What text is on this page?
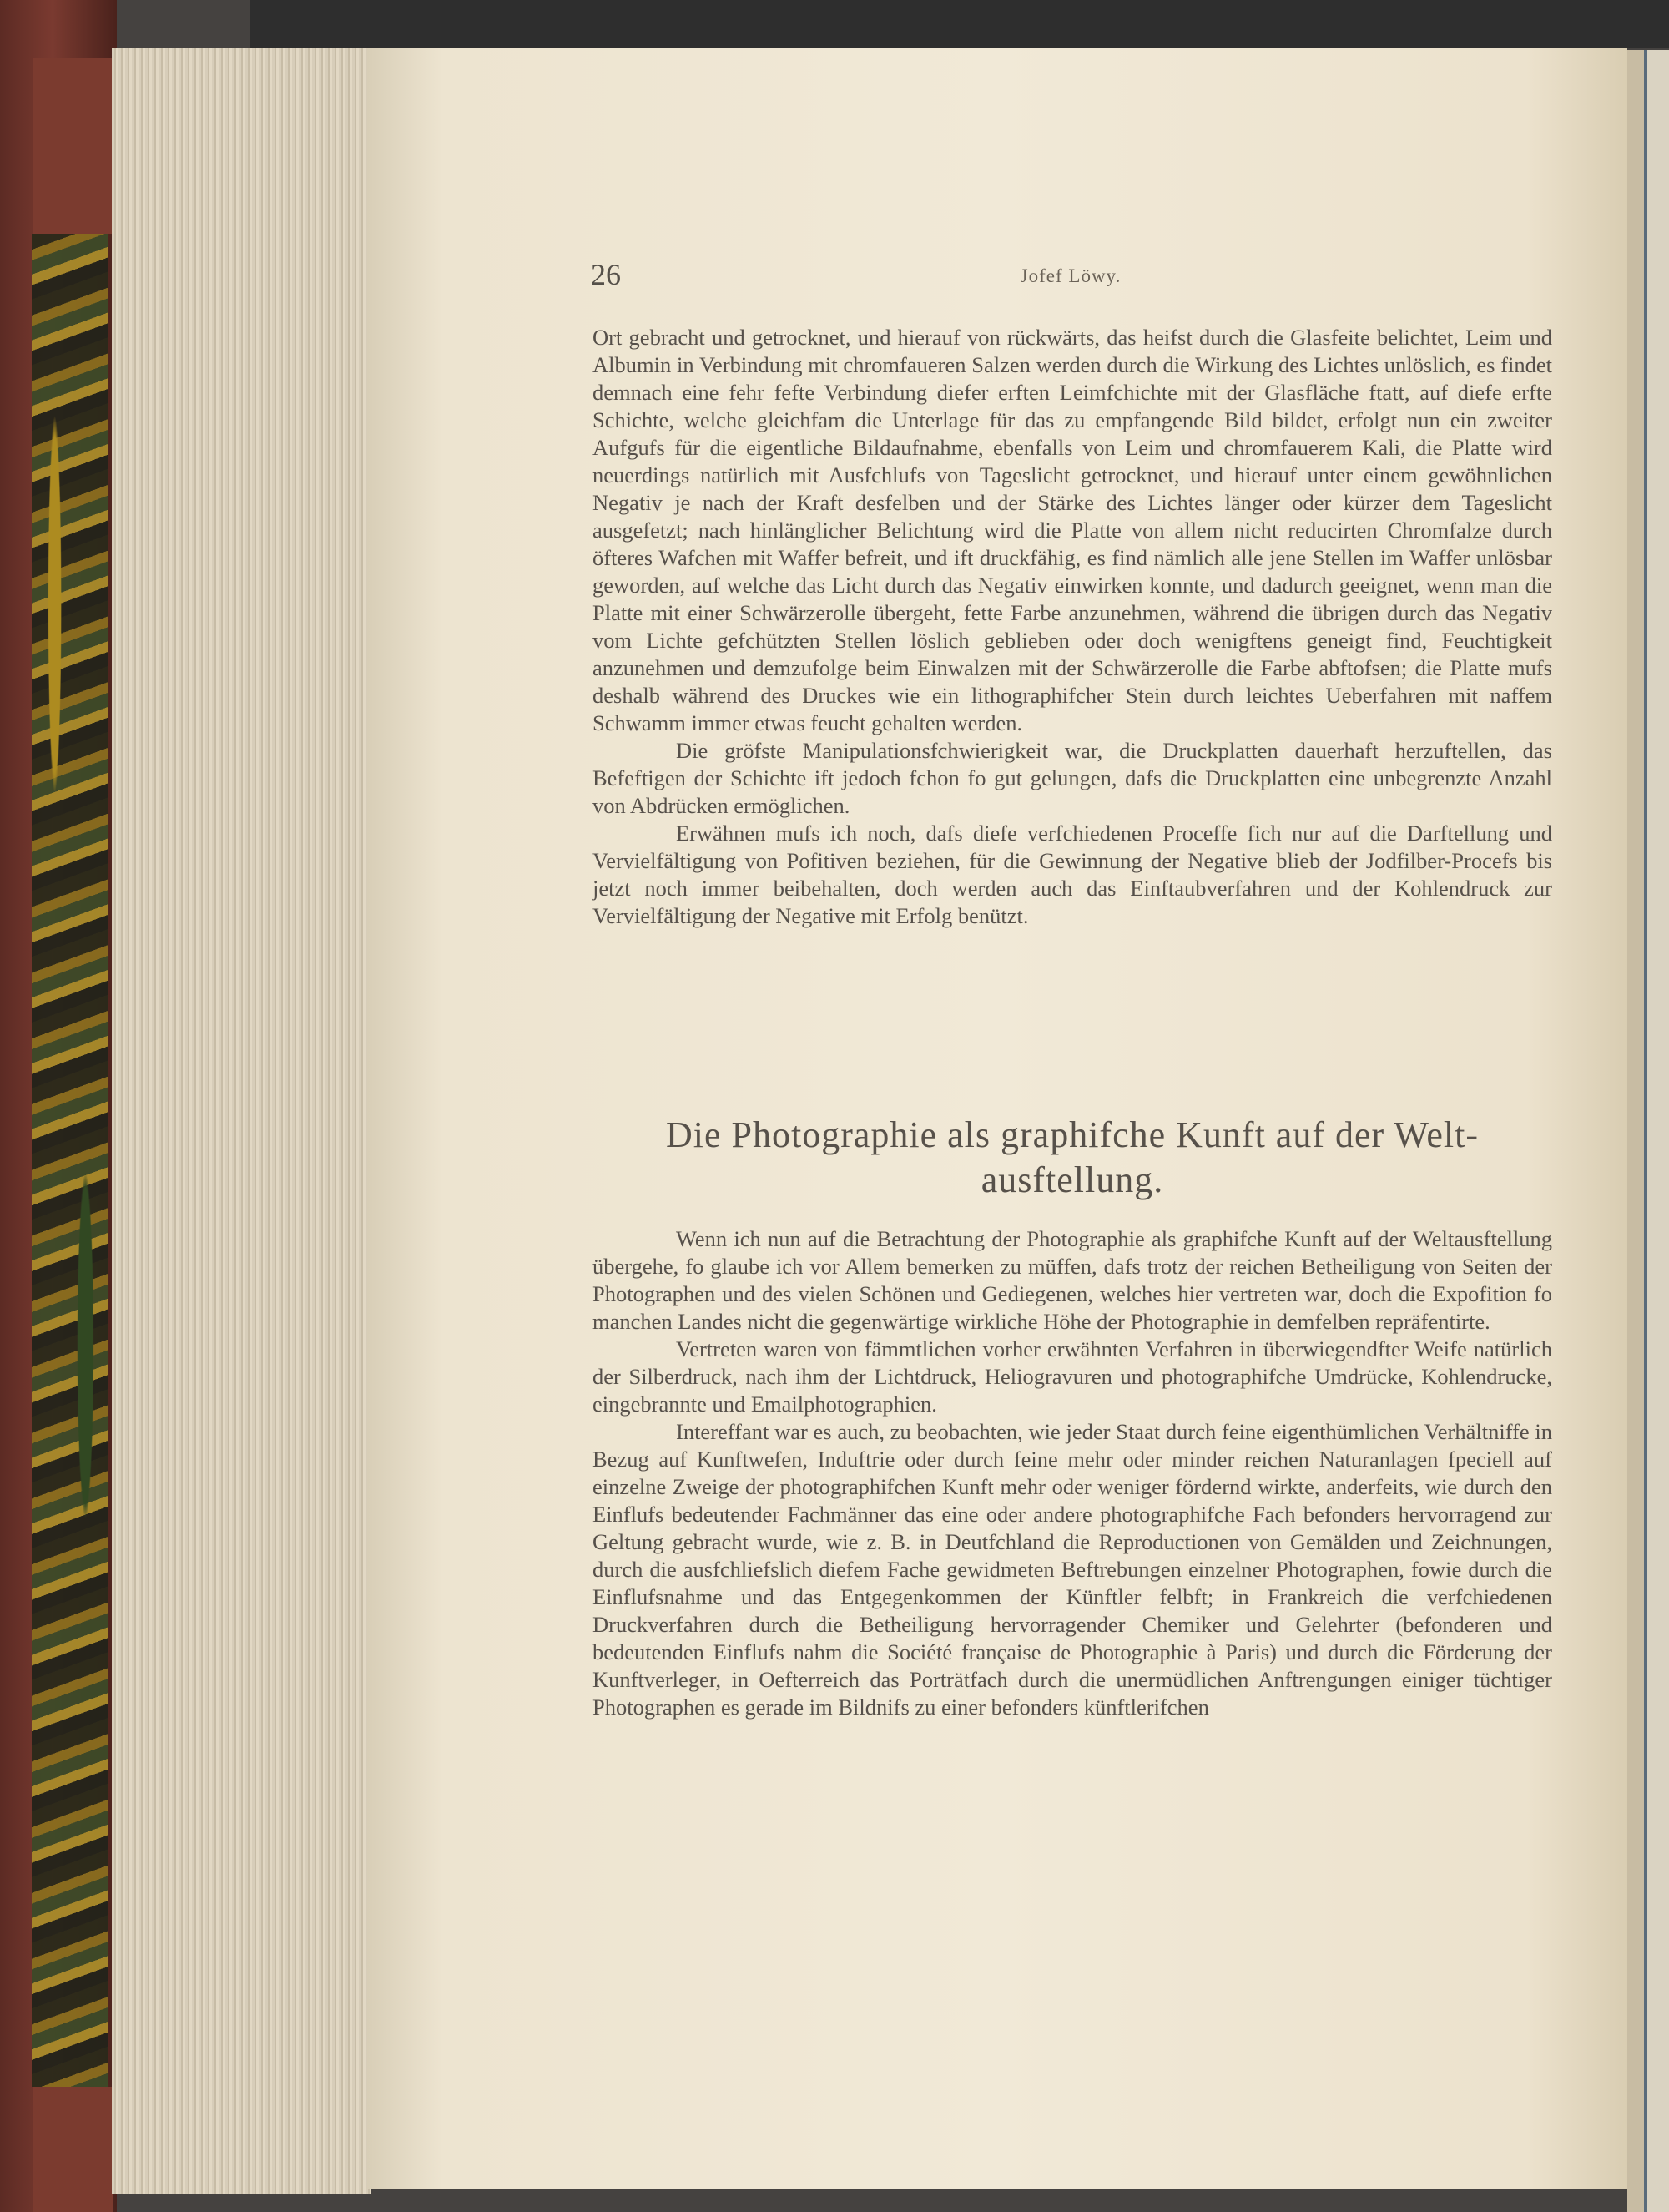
26	Jofef Löwy.

Ort gebracht und getrocknet, und hierauf von rückwärts, das heifst durch die Glasfeite belichtet, Leim und Albumin in Verbindung mit chromfaueren Salzen werden durch die Wirkung des Lichtes unlöslich, es findet demnach eine fehr fefte Verbindung diefer erften Leimfchichte mit der Glasfläche ftatt, auf diefe erfte Schichte, welche gleichfam die Unterlage für das zu empfangende Bild bildet, erfolgt nun ein zweiter Aufgufs für die eigentliche Bildaufnahme, ebenfalls von Leim und chromfauerem Kali, die Platte wird neuerdings natürlich mit Ausfchlufs von Tageslicht getrocknet, und hierauf unter einem gewöhnlichen Negativ je nach der Kraft desfelben und der Stärke des Lichtes länger oder kürzer dem Tageslicht ausgefetzt; nach hinlänglicher Belichtung wird die Platte von allem nicht reducirten Chromfalze durch öfteres Wafchen mit Waffer befreit, und ift druckfähig, es find nämlich alle jene Stellen im Waffer unlösbar geworden, auf welche das Licht durch das Negativ einwirken konnte, und dadurch geeignet, wenn man die Platte mit einer Schwärzerolle übergeht, fette Farbe anzunehmen, während die übrigen durch das Negativ vom Lichte gefchützten Stellen löslich geblieben oder doch wenigftens geneigt find, Feuchtigkeit anzunehmen und demzufolge beim Einwalzen mit der Schwärzerolle die Farbe abftofsen; die Platte mufs deshalb während des Druckes wie ein lithographifcher Stein durch leichtes Ueberfahren mit naffem Schwamm immer etwas feucht gehalten werden.

Die gröfste Manipulationsfchwierigkeit war, die Druckplatten dauerhaft herzuftellen, das Befeftigen der Schichte ift jedoch fchon fo gut gelungen, dafs die Druckplatten eine unbegrenzte Anzahl von Abdrücken ermöglichen.

Erwähnen mufs ich noch, dafs diefe verfchiedenen Proceffe fich nur auf die Darftellung und Vervielfältigung von Pofitiven beziehen, für die Gewinnung der Negative blieb der Jodfilber-Procefs bis jetzt noch immer beibehalten, doch werden auch das Einftaubverfahren und der Kohlendruck zur Vervielfältigung der Negative mit Erfolg benützt.

Die Photographie als graphifche Kunft auf der Welt-
ausftellung.

Wenn ich nun auf die Betrachtung der Photographie als graphifche Kunft auf der Weltausftellung übergehe, fo glaube ich vor Allem bemerken zu müffen, dafs trotz der reichen Betheiligung von Seiten der Photographen und des vielen Schönen und Gediegenen, welches hier vertreten war, doch die Expofition fo manchen Landes nicht die gegenwärtige wirkliche Höhe der Photographie in demfelben repräfentirte.

Vertreten waren von fämmtlichen vorher erwähnten Verfahren in überwiegendfter Weife natürlich der Silberdruck, nach ihm der Lichtdruck, Heliogravuren und photographifche Umdrücke, Kohlendrucke, eingebrannte und Emailphotographien.

Intereffant war es auch, zu beobachten, wie jeder Staat durch feine eigenthümlichen Verhältniffe in Bezug auf Kunftwefen, Induftrie oder durch feine mehr oder minder reichen Naturanlagen fpeciell auf einzelne Zweige der photographifchen Kunft mehr oder weniger fördernd wirkte, anderfeits, wie durch den Einflufs bedeutender Fachmänner das eine oder andere photographifche Fach befonders hervorragend zur Geltung gebracht wurde, wie z. B. in Deutfchland die Reproductionen von Gemälden und Zeichnungen, durch die ausfchliefslich diefem Fache gewidmeten Beftrebungen einzelner Photographen, fowie durch die Einflufsnahme und das Entgegenkommen der Künftler felbft; in Frankreich die verfchiedenen Druckverfahren durch die Betheiligung hervorragender Chemiker und Gelehrter (befonderen und bedeutenden Einflufs nahm die Société française de Photographie à Paris) und durch die Förderung der Kunftverleger, in Oefterreich das Porträtfach durch die unermüdlichen Anftrengungen einiger tüchtiger Photographen es gerade im Bildnifs zu einer befonders künftlerifchen
